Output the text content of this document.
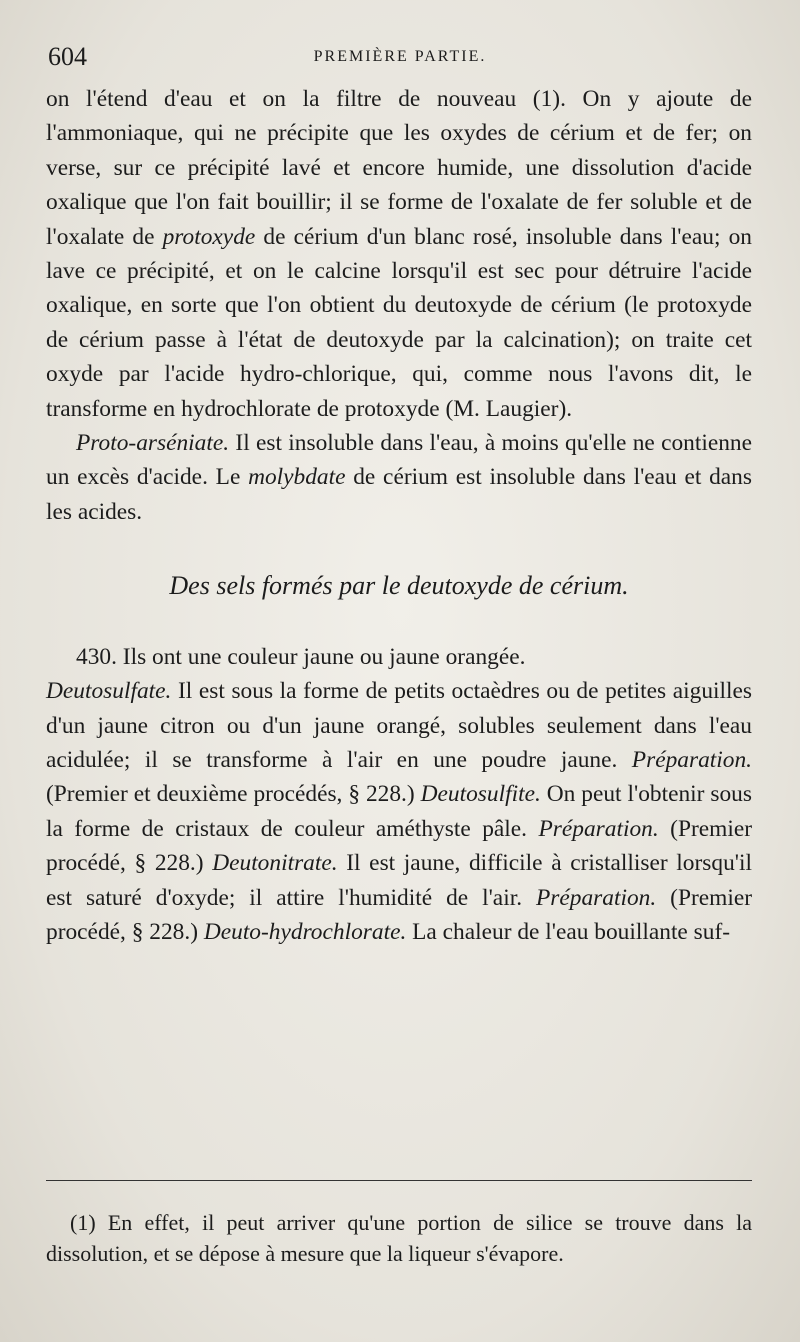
604	PREMIÈRE PARTIE.

on l'étend d'eau et on la filtre de nouveau (1). On y ajoute de l'ammoniaque, qui ne précipite que les oxydes de cérium et de fer; on verse, sur ce précipité lavé et encore humide, une dissolution d'acide oxalique que l'on fait bouillir; il se forme de l'oxalate de fer soluble et de l'oxalate de protoxyde de cérium d'un blanc rosé, insoluble dans l'eau; on lave ce précipité, et on le calcine lorsqu'il est sec pour détruire l'acide oxalique, en sorte que l'on obtient du deutoxyde de cérium (le protoxyde de cérium passe à l'état de deutoxyde par la calcination); on traite cet oxyde par l'acide hydro-chlorique, qui, comme nous l'avons dit, le transforme en hydrochlorate de protoxyde (M. Laugier).

Proto-arséniate. Il est insoluble dans l'eau, à moins qu'elle ne contienne un excès d'acide. Le molybdate de cérium est insoluble dans l'eau et dans les acides.

Des sels formés par le deutoxyde de cérium.

430. Ils ont une couleur jaune ou jaune orangée.

Deutosulfate. Il est sous la forme de petits octaèdres ou de petites aiguilles d'un jaune citron ou d'un jaune orangé, solubles seulement dans l'eau acidulée; il se transforme à l'air en une poudre jaune. Préparation. (Premier et deuxième procédés, § 228.) Deutosulfite. On peut l'obtenir sous la forme de cristaux de couleur améthyste pâle. Préparation. (Premier procédé, § 228.) Deutonitrate. Il est jaune, difficile à cristalliser lorsqu'il est saturé d'oxyde; il attire l'humidité de l'air. Préparation. (Premier procédé, § 228.) Deuto-hydrochlorate. La chaleur de l'eau bouillante suf-

(1) En effet, il peut arriver qu'une portion de silice se trouve dans la dissolution, et se dépose à mesure que la liqueur s'évapore.
